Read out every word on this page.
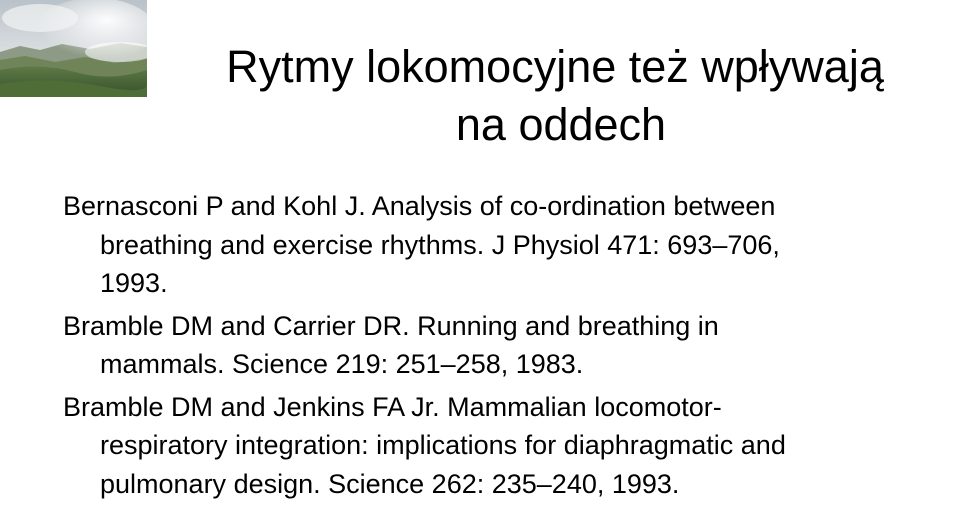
Rytmy lokomocyjne też wpływają
na oddech
Bernasconi P and Kohl J. Analysis of co-ordination between
breathing and exercise rhythms. J Physiol 471: 693–706,
1993.
Bramble DM and Carrier DR. Running and breathing in
mammals. Science 219: 251–258, 1983.
Bramble DM and Jenkins FA Jr. Mammalian locomotor-
respiratory integration: implications for diaphragmatic and
pulmonary design. Science 262: 235–240, 1993.
